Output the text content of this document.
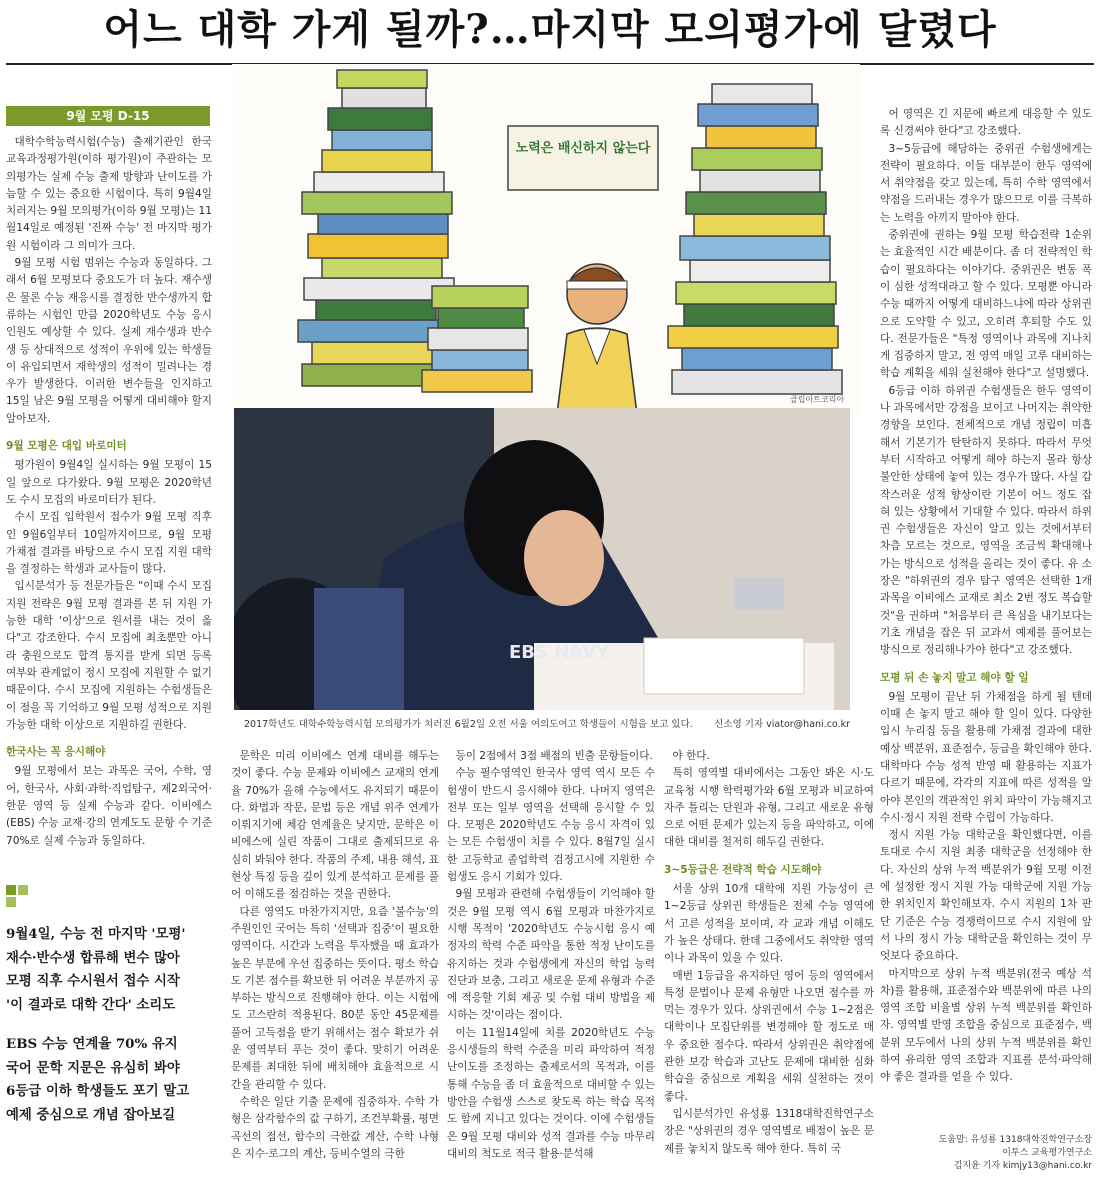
어느 대학 가게 될까?…마지막 모의평가에 달렸다
9월 모평 D-15

대학수학능력시험(수능) 출제기관인 한국교육과정평가원(이하 평가원)이 주관하는 모의평가는 실제 수능 출제 방향과 난이도를 가늠할 수 있는 중요한 시험이다. 특히 9월4일 치러지는 9월 모의평가(이하 9월 모평)는 11월14일로 예정된 '진짜 수능' 전 마지막 평가원 시험이라 그 의미가 크다.

9월 모평 시험 범위는 수능과 동일하다. 그래서 6월 모평보다 중요도가 더 높다. 재수생은 물론 수능 재응시를 결정한 반수생까지 합류하는 시험인 만큼 2020학년도 수능 응시인원도 예상할 수 있다. 실제 재수생과 반수생 등 상대적으로 성적이 우위에 있는 학생들이 유입되면서 재학생의 성적이 밀려나는 경우가 발생한다. 이러한 변수들을 인지하고 15일 남은 9월 모평을 어떻게 대비해야 할지 알아보자.

9월 모평은 대입 바로미터

평가원이 9월4일 실시하는 9월 모평이 15일 앞으로 다가왔다. 9월 모평은 2020학년도 수시 모집의 바로미터가 된다.

수시 모집 입학원서 접수가 9월 모평 직후인 9월6일부터 10일까지이므로, 9월 모평 가채점 결과를 바탕으로 수시 모집 지원 대학을 결정하는 학생과 교사들이 많다.

입시분석가 등 전문가들은 "이때 수시 모집 지원 전략은 9월 모평 결과를 본 뒤 지원 가능한 대학 '이상'으로 원서를 내는 것이 옳다"고 강조한다. 수시 모집에 최초뿐만 아니라 충원으로도 합격 통지를 받게 되면 등록 여부와 관계없이 정시 모집에 지원할 수 없기 때문이다. 수시 모집에 지원하는 수험생들은 이 점을 꼭 기억하고 9월 모평 성적으로 지원 가능한 대학 이상으로 지원하길 권한다.

한국사는 꼭 응시해야

9월 모평에서 보는 과목은 국어, 수학, 영어, 한국사, 사회·과학·직업탐구, 제2외국어·한문 영역 등 실제 수능과 같다. 이비에스(EBS) 수능 교재·강의 연계도도 문항 수 기준 70%로 실제 수능과 동일하다.

9월4일, 수능 전 마지막 '모평'

재수·반수생 합류해 변수 많아

모평 직후 수시원서 접수 시작

'이 결과로 대학 간다' 소리도

EBS 수능 연계율 70% 유지

국어 문학 지문은 유심히 봐야

6등급 이하 학생들도 포기 말고

예제 중심으로 개념 잡아보길

노력은 배신하지 않는다
클립아트코리아
EBS NAVY
2017학년도 대학수학능력시험 모의평가가 치러진 6월2일 오전 서울 여의도여고 학생들이 시험을 보고 있다. 신소영 기자 viator@hani.co.kr

문학은 미리 이비에스 연계 대비를 해두는 것이 좋다. 수능 문제와 이비에스 교재의 연계율 70%가 올해 수능에서도 유지되기 때문이다. 화법과 작문, 문법 등은 개념 위주 연계가 이뤄지기에 체감 연계율은 낮지만, 문학은 이비에스에 실린 작품이 그대로 출제되므로 유심히 봐둬야 한다. 작품의 주제, 내용 해석, 표현상 특징 등을 깊이 있게 분석하고 문제를 풀어 이해도를 점검하는 것을 권한다.

다른 영역도 마찬가지지만, 요즘 '불수능'의 주원인인 국어는 특히 '선택과 집중'이 필요한 영역이다. 시간과 노력을 투자했을 때 효과가 높은 부분에 우선 집중하는 뜻이다. 평소 학습도 기본 점수를 확보한 뒤 어려운 부분까지 공부하는 방식으로 진행해야 한다. 이는 시험에도 고스란히 적용된다. 80분 동안 45문제를 풀어 고득점을 받기 위해서는 점수 확보가 쉬운 영역부터 푸는 것이 좋다. 맞히기 어려운 문제를 최대한 뒤에 배치해야 효율적으로 시간을 관리할 수 있다.

수학은 일단 기출 문제에 집중하자. 수학 가형은 삼각함수의 값 구하기, 조건부확률, 평면곡선의 접선, 함수의 극한값 계산, 수학 나형은 지수·로그의 계산, 등비수열의 극한

등이 2점에서 3점 배점의 빈출 문항들이다.

수능 필수영역인 한국사 영역 역시 모든 수험생이 반드시 응시해야 한다. 나머지 영역은 전부 또는 일부 영역을 선택해 응시할 수 있다. 모평은 2020학년도 수능 응시 자격이 있는 모든 수험생이 치를 수 있다. 8월7일 실시한 고등학교 졸업학력 검정고시에 지원한 수험생도 응시 기회가 있다.

9월 모평과 관련해 수험생들이 기억해야 할 것은 9월 모평 역시 6월 모평과 마찬가지로 시행 목적이 '2020학년도 수능시험 응시 예정자의 학력 수준 파악을 통한 적정 난이도를 유지하는 것과 수험생에게 자신의 학업 능력 진단과 보충, 그리고 새로운 문제 유형과 수준에 적응할 기회 제공 및 수험 대비 방법을 제시하는 것'이라는 점이다.

이는 11월14일에 치를 2020학년도 수능 응시생들의 학력 수준을 미리 파악하여 적정 난이도를 조정하는 출제로서의 목적과, 이를 통해 수능을 좀 더 효율적으로 대비할 수 있는 방안을 수험생 스스로 찾도록 하는 학습 목적도 함께 지니고 있다는 것이다. 이에 수험생들은 9월 모평 대비와 성적 결과를 수능 마무리 대비의 척도로 적극 활용·분석해

야 한다.

특히 영역별 대비에서는 그동안 봐온 시·도교육청 시행 학력평가와 6월 모평과 비교하여 자주 틀리는 단원과 유형, 그리고 새로운 유형으로 어떤 문제가 있는지 등을 파악하고, 이에 대한 대비를 철저히 해두길 권한다.

3~5등급은 전략적 학습 시도해야

서울 상위 10개 대학에 지원 가능성이 큰 1~2등급 상위권 학생들은 전체 수능 영역에서 고른 성적을 보이며, 각 교과 개념 이해도가 높은 상태다. 한데 그중에서도 취약한 영역이나 과목이 있을 수 있다.

매번 1등급을 유지하던 영어 등의 영역에서 특정 문법이나 문제 유형만 나오면 점수를 까먹는 경우가 있다. 상위권에서 수능 1~2점은 대학이나 모집단위를 변경해야 할 정도로 매우 중요한 점수다. 따라서 상위권은 취약점에 관한 보강 학습과 고난도 문제에 대비한 심화 학습을 중심으로 계획을 세워 실천하는 것이 좋다.

입시분석가인 유성룡 1318대학진학연구소장은 "상위권의 경우 영역별로 배점이 높은 문제를 놓치지 않도록 해야 한다. 특히 국

어 영역은 긴 지문에 빠르게 대응할 수 있도록 신경써야 한다"고 강조했다.

3~5등급에 해당하는 중위권 수험생에게는 전략이 필요하다. 이들 대부분이 한두 영역에서 취약점을 갖고 있는데, 특히 수학 영역에서 약점을 드러내는 경우가 많으므로 이를 극복하는 노력을 아끼지 말아야 한다.

중위권에 권하는 9월 모평 학습전략 1순위는 효율적인 시간 배분이다. 좀 더 전략적인 학습이 필요하다는 이야기다. 중위권은 변동 폭이 심한 성적대라고 할 수 있다. 모평뿐 아니라 수능 때까지 어떻게 대비하느냐에 따라 상위권으로 도약할 수 있고, 오히려 후퇴할 수도 있다. 전문가들은 "특정 영역이나 과목에 지나치게 집중하지 말고, 전 영역 매일 고루 대비하는 학습 계획을 세워 실천해야 한다"고 설명했다.

6등급 이하 하위권 수험생들은 한두 영역이나 과목에서만 강점을 보이고 나머지는 취약한 경향을 보인다. 전체적으로 개념 정립이 미흡해서 기본기가 탄탄하지 못하다. 따라서 무엇부터 시작하고 어떻게 해야 하는지 몰라 항상 불안한 상태에 놓여 있는 경우가 많다. 사실 갑작스러운 성적 향상이란 기본이 어느 정도 잡혀 있는 상황에서 기대할 수 있다. 따라서 하위권 수험생들은 자신이 알고 있는 것에서부터 차츰 모르는 것으로, 영역을 조금씩 확대해나가는 방식으로 성적을 올리는 것이 좋다. 유 소장은 "하위권의 경우 탐구 영역은 선택한 1개 과목을 이비에스 교재로 최소 2번 정도 복습할 것"을 권하며 "처음부터 큰 욕심을 내기보다는 기초 개념을 잡은 뒤 교과서 예제를 풀어보는 방식으로 정리해나가야 한다"고 강조했다.

모평 뒤 손 놓지 말고 해야 할 일

9월 모평이 끝난 뒤 가채점을 하게 될 텐데 이때 손 놓지 말고 해야 할 일이 있다. 다양한 입시 누리집 등을 활용해 가채점 결과에 대한 예상 백분위, 표준점수, 등급을 확인해야 한다. 대학마다 수능 성적 반영 때 활용하는 지표가 다르기 때문에, 각각의 지표에 따른 성적을 알아야 본인의 객관적인 위치 파악이 가능해지고 수시·정시 지원 전략 수립이 가능하다.

정시 지원 가능 대학군을 확인했다면, 이를 토대로 수시 지원 최종 대학군을 선정해야 한다. 자신의 상위 누적 백분위가 9월 모평 이전에 설정한 정시 지원 가능 대학군에 지원 가능한 위치인지 확인해보자. 수시 지원의 1차 판단 기준은 수능 경쟁력이므로 수시 지원에 앞서 나의 정시 가능 대학군을 확인하는 것이 무엇보다 중요하다.

마지막으로 상위 누적 백분위(전국 예상 석차)를 활용해, 표준점수와 백분위에 따른 나의 영역 조합 비율별 상위 누적 백분위를 확인하자. 영역별 반영 조합을 중심으로 표준점수, 백분위 모두에서 나의 상위 누적 백분위를 확인하여 유리한 영역 조합과 지표를 분석·파악해야 좋은 결과를 얻을 수 있다.

도움말: 유성룡 1318대학진학연구소장
이투스 교육평가연구소
김지윤 기자 kimjy13@hani.co.kr
